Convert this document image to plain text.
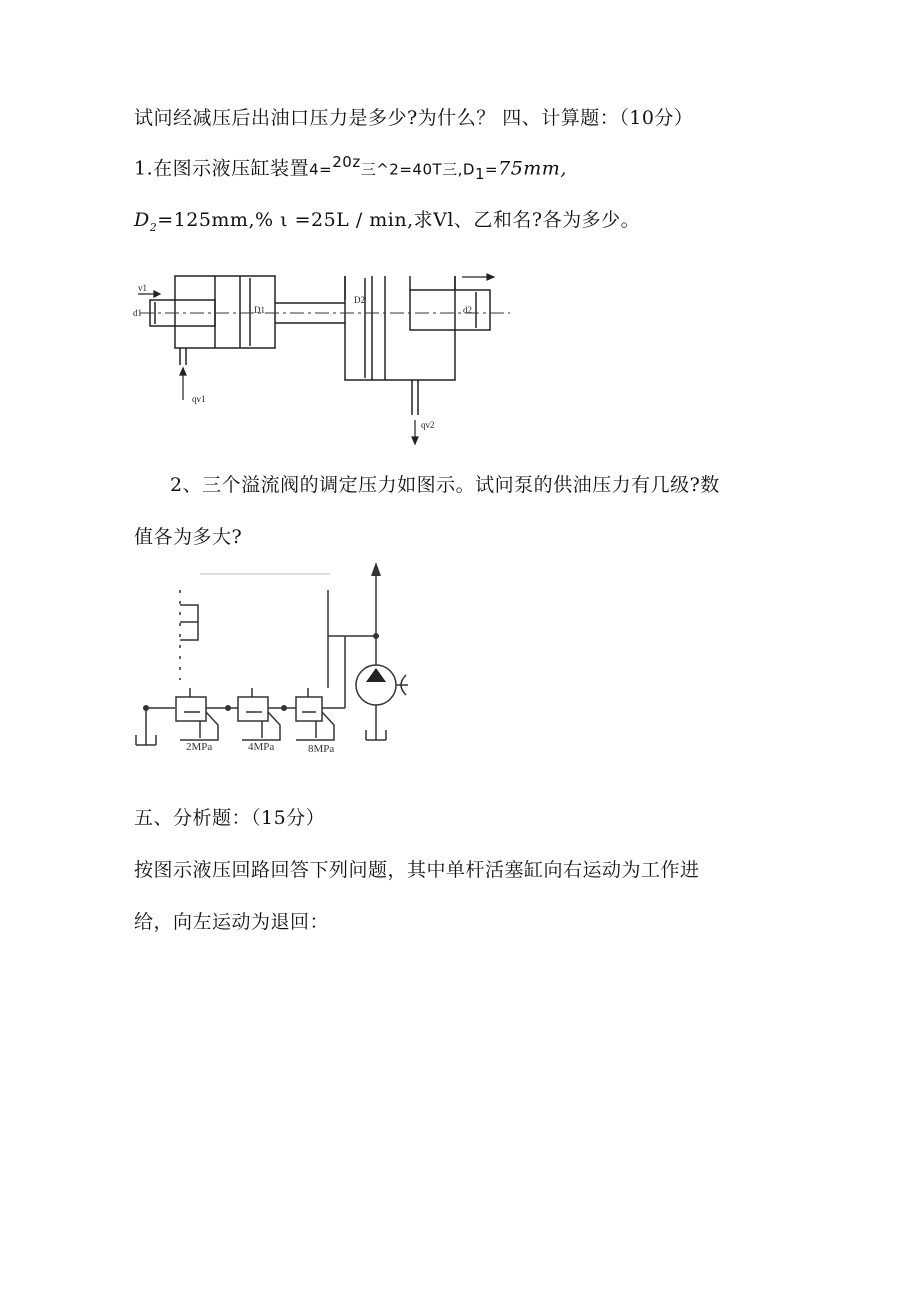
试问经减压后出油口压力是多少?为什么？ 四、计算题：（10分）
1.在图示液压缸装置4=$^{20z}$三^2=40T三$,D_1=75mm$,
$D_2=125mm,\%$ ι =25L / min,求Vl、乙和名?各为多少。
v1
d1	D1
D2
d2
qv1
qv2
2、三个溢流阀的调定压力如图示。试问泵的供油压力有几级?数
值各为多大?
2MPa	4MPa	8MPa
五、分析题：（15分）
按图示液压回路回答下列问题，其中单杆活塞缸向右运动为工作进
给，向左运动为退回：
